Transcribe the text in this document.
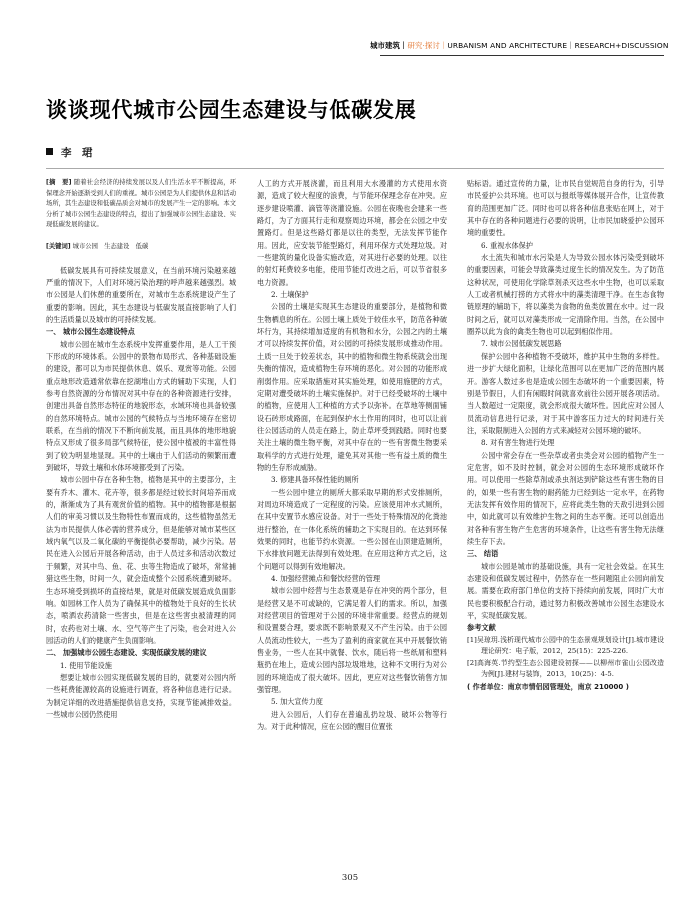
城市建筑｜研究·探讨｜URBANISM AND ARCHITECTURE｜RESEARCH+DISCUSSION
谈谈现代城市公园生态建设与低碳发展
李　珺

[摘　要] 随着社会经济的持续发展以及人们生活水平不断提高，环保理念开始逐渐受到人们的重视。城市公园是为人们提供休息和活动场所，其生态建设和低碳品质会对城市的发展产生一定的影响。本文分析了城市公园生态建设的特点，提出了加强城市公园生态建设、实现低碳发展的建议。

[关键词] 城市公园　生态建设　低碳

低碳发展具有可持续发展意义，在当前环境污染越来越严重的情况下，人们对环境污染治理的呼声越来越强烈。城市公园是人们休憩的重要所在，对城市生态系统建设产生了重要的影响。因此，其生态建设与低碳发展直接影响了人们的生活质量以及城市的可持续发展。

一、 城市公园生态建设特点

城市公园在城市生态系统中发挥重要作用，是人工干预下形成的环境体系。公园中的景物布局形式、各种基础设施的建设，都可以为市民提供休息、娱乐、观赏等功能。公园重点地形改造通常依靠在挖湖堆山方式的辅助下实现，人们参考自然资源的分布情况对其中存在的各种资源进行安排，创建出具备自然形态特征的地貌形态，水域环境也具备较强的自然环境特点。城市公园的气候特点与当地环境存在密切联系，在当前的情况下不断向前发展，而且具体的地形地貌特点又形成了很多局部气候特征，使公园中植被的丰富性得到了较为明显地显现。其中的土壤由于人们活动的频繁而遭到破坏，导致土壤和水体环境都受到了污染。

城市公园中存在各种生物，植物是其中的主要部分，主要有乔木、灌木、花卉等，很多都是经过较长时间培养而成的，渐渐成为了具有观赏价值的植物。其中的植物都是根据人们的审美习惯以及生物特性布置而成的，这些植物虽然无法为市民提供人体必需的营养成分，但是能够对城市某些区域内氧气以及二氧化碳的平衡提供必要帮助，减少污染。居民在进入公园后开展各种活动，由于人员过多和活动次数过于频繁，对其中鸟、鱼、花、虫等生物造成了破坏，常常捕猎这些生物，时间一久，就会造成整个公园系统遭到破坏。生态环境受到损坏的直接结果，就是对低碳发展造成负面影响。如园林工作人员为了确保其中的植物处于良好的生长状态，喷洒农药清除一些害虫，但是在这些害虫被清理的同时，农药也对土壤、水、空气等产生了污染，也会对进入公园活动的人们的健康产生负面影响。

二、 加强城市公园生态建设、实现低碳发展的建议

1. 使用节能设施

想要让城市公园实现低碳发展的目的，就要对公园内所一些耗费能源较高的设施进行调查，将各种信息进行记录。为制定详细的改进措施提供信息支持，实现节能减排效益。一些城市公园仍然使用

人工的方式开展浇灌，而且利用大水漫灌的方式使用水资源，造成了较大程度的浪费，与节能环保理念存在冲突。应逐步建设喷灌、滴管等浇灌设施。公园在夜晚也会建来一些路灯，为了方面其行走和观察周边环境，都会在公园之中安置路灯。但是这些路灯都是以往的类型，无法发挥节能作用。因此，应安装节能型路灯，利用环保方式处理垃圾。对一些建筑的量化设备实施改造，对其进行必要的处理。以往的射灯耗费较多电能，使用节能灯改进之后，可以节省很多电力资源。

2. 土壤保护

公园的土壤是实现其生态建设的重要部分，是植物和微生物栖息的所在。公园土壤上质处于较佳水平，防范各种破坏行为，其持续增加适度的有机物和水分，公园之内的土壤才可以持续发挥价值，对公园的可持续发展形成推动作用。土质一旦处于较差状态，其中的植物和微生物系统就会出现失衡的情况，造成植物生存环境的恶化。对公园的功能形成削弱作用。应采取措施对其实施处理，如使用施肥的方式，定期对遭受破坏的土壤实施保护。对于已经受破坏的土壤中的植物，应使用人工种植的方式予以弥补。在草地等侧面铺设石砖形成路面，在起到保护水土作用的同时，也可以让前往公园活动的人员走在路上，防止草坪受到践踏。同时也要关注土壤的微生物平衡，对其中存在的一些有害微生物要采取科学的方式进行处理，避免其对其他一些有益土质的微生物的生存形成威胁。

3. 修建具备环保性能的厕所

一些公园中建立的厕所大都采取早期的形式安排厕所，对周边环境造成了一定程度的污染。应该使用冲水式厕所，在其中安置节水感应设备。对于一些处于特殊情况的化粪池进行整治，在一体化系统的辅助之下实现目的。在达到环保效果的同时，也能节约水资源。一些公园在山顶建造厕所，下水排放问题无法得到有效处理。在应用这种方式之后，这个问题可以得到有效地解决。

4. 加强经营摊点和餐饮经营的管理

城市公园中经营与生态景观是存在冲突的两个部分，但是经营又是不可或缺的，它满足着人们的需求。所以，加强对经营项目的管理对于公园的环境非常重要。经营点的规划和设置要合理，要求既不影响景观又不产生污染。由于公园人员流动性较大，一些为了盈利的商家就在其中开展餐饮销售业务，一些人在其中就餐、饮水，随后将一些纸屑和塑料瓶扔在地上，造成公园内部垃圾堆地，这种不文明行为对公园的环境造成了很大破坏。因此，更应对这些餐饮销售方加强管理。

5. 加大宣传力度

进入公园后，人们存在普遍乱扔垃圾、破坏公物等行为。对于此种情况，应在公园的醒目位置张

贴标语。通过宣传的力量，让市民自觉规范自身的行为，引导市民爱护公共环境。也可以与报纸等媒体展开合作，让宣传教育的范围更加广泛。同时也可以将各种信息张贴在网上，对于其中存在的各种问题进行必要的说明，让市民加晓爱护公园环境的重要性。

6. 重视水体保护

水土流失和城市水污染是人为导致公园水体污染受到破坏的重要因素，可能会导致藻类过度生长的情况发生。为了防范这种状况，可使用化学除草剂杀灭这些水中生物，也可以采取人工或者机械打捞的方式将水中的藻类清理干净。在生态食物链原理的辅助下，将以藻类为食物的鱼类放置在水中。过一段时间之后，就可以对藻类形成一定清除作用。当然，在公园中圈养以此为食的禽类生物也可以起到相似作用。

7. 城市公园低碳发展思路

保护公园中各种植物不受破坏，维护其中生物的多样性。进一步扩大绿化面积，让绿化范围可以在更加广泛的范围内展开。游客人数过多也是造成公园生态破坏的一个重要因素，特别是节假日，人们有闲暇时间就喜欢前往公园开展各项活动。当人数超过一定限度，就会形成很大破坏性。因此应对公园人员流动信息进行记录，对于其中游客压力过大的时间进行关注，采取限制进入公园的方式来减轻对公园环境的破坏。

8. 对有害生物进行处理

公园中常会存在一些杂草或者虫类会对公园的植物产生一定危害，如不及时控制，就会对公园的生态环境形成破坏作用。可以使用一些除草剂或杀虫剂达到铲除这些有害生物的目的，如果一些有害生物的耐药能力已经到达一定水平，在药物无法发挥有效作用的情况下，应将此类生物的天敌引进到公园中，如此就可以有效维护生物之间的生态平衡。还可以创造出对各种有害生物产生危害的环境条件，让这些有害生物无法继续生存下去。

三、 结语

城市公园是城市的基础设施，具有一定社会效益。在其生态建设和低碳发展过程中，仍然存在一些问题阻止公园向前发展。需要在政府部门单位的支持下持续向前发展，同时广大市民也要积极配合行动，通过努力积极改善城市公园生态建设水平，实现低碳发展。

参考文献

[1]吴琼玥.浅析现代城市公园中的生态景观规划设计[J].城市建设理论研究：电子版，2012，25(15)：225-226.

[2]高海英.节约型生态公园建设初探——以柳州市雀山公园改造为例[J].建材与装饰，2013，10(25)：4-5.

( 作者单位：南京市情侣园管理处，南京 210000 )

305
